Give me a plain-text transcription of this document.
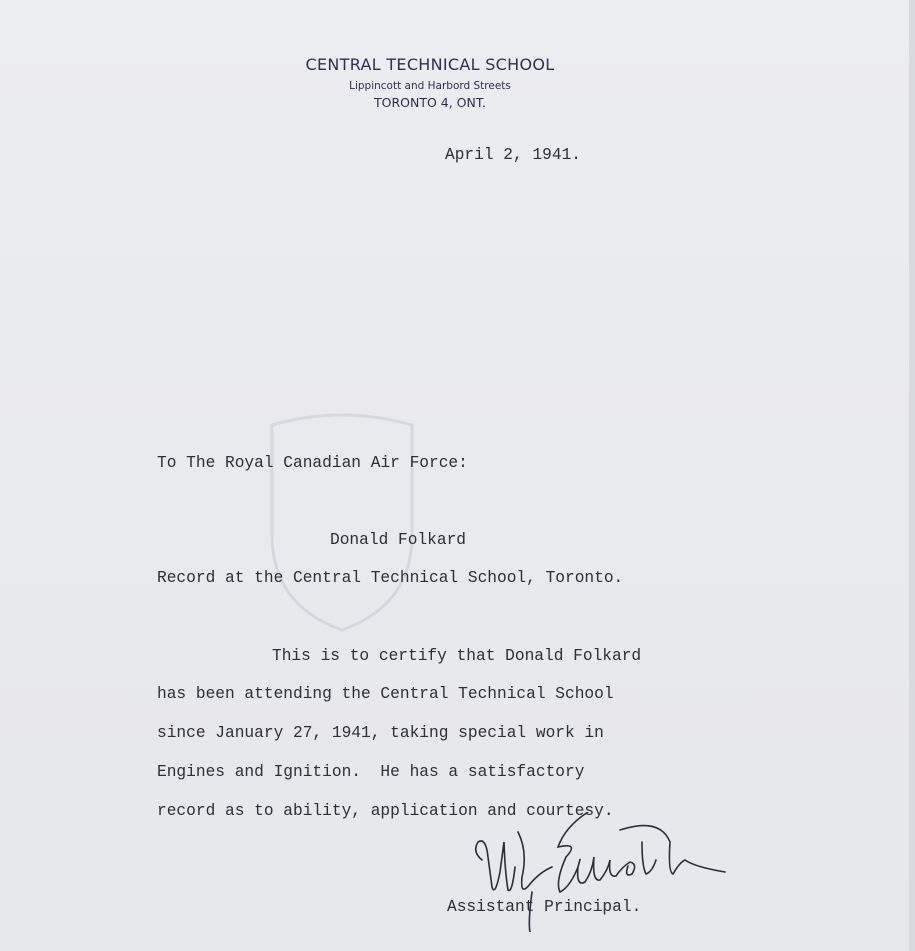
CENTRAL TECHNICAL SCHOOL
Lippincott and Harbord Streets
TORONTO 4, ONT.
April 2, 1941.
To The Royal Canadian Air Force:
Donald Folkard
Record at the Central Technical School, Toronto.
This is to certify that Donald Folkard
has been attending the Central Technical School
since January 27, 1941, taking special work in
Engines and Ignition.  He has a satisfactory
record as to ability, application and courtesy.
Assistant Principal.
